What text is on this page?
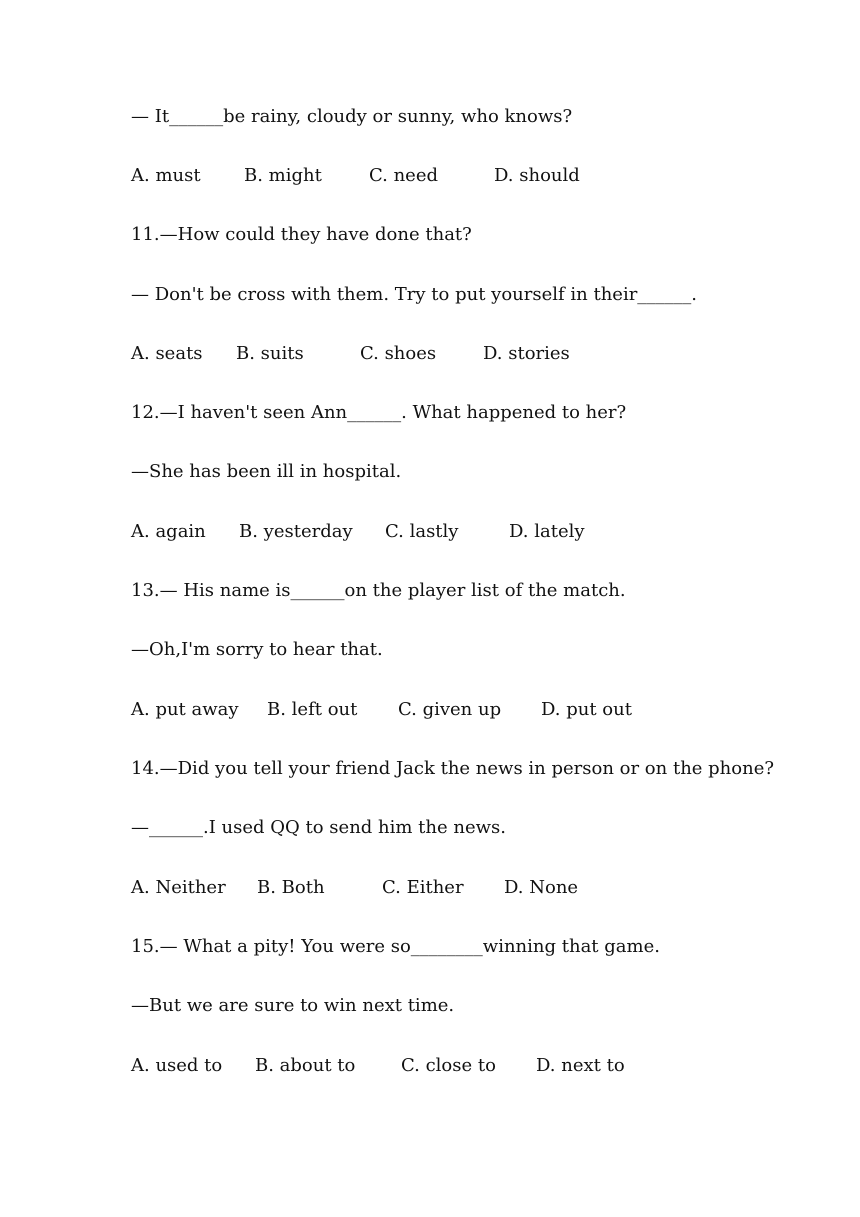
— It______be rainy, cloudy or sunny, who knows?
A. must B. might	C. need	D. should
11.—How could they have done that?
— Don't be cross with them. Try to put yourself in their______.
A. seats B. suits	C. shoes	D. stories
12.—I haven't seen Ann______. What happened to her?
—She has been ill in hospital.
A. again B. yesterday C. lastly	D. lately
13.— His name is______on the player list of the match.
—Oh,I'm sorry to hear that.
A. put away B. left out C. given up D. put out
14.—Did you tell your friend Jack the news in person or on the phone?
—______.I used QQ to send him the news.
A. Neither B. Both	C. Either D. None
15.— What a pity! You were so________winning that game.
—But we are sure to win next time.
A. used to B. about to	C. close to D. next to
